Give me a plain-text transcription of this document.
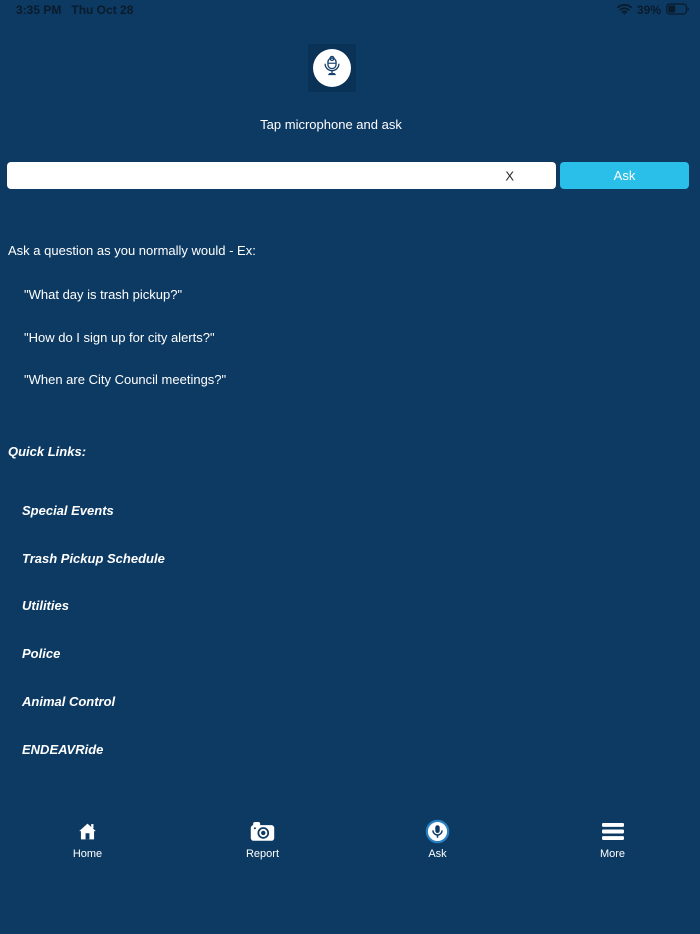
3:35 PM Thu Oct 28	39%
Tap microphone and ask
X	Ask
Ask a question as you normally would - Ex:
"What day is trash pickup?"
"How do I sign up for city alerts?"
"When are City Council meetings?"
Quick Links:
Special Events
Trash Pickup Schedule
Utilities
Police
Animal Control
ENDEAVRide
Home	Report	Ask	More
